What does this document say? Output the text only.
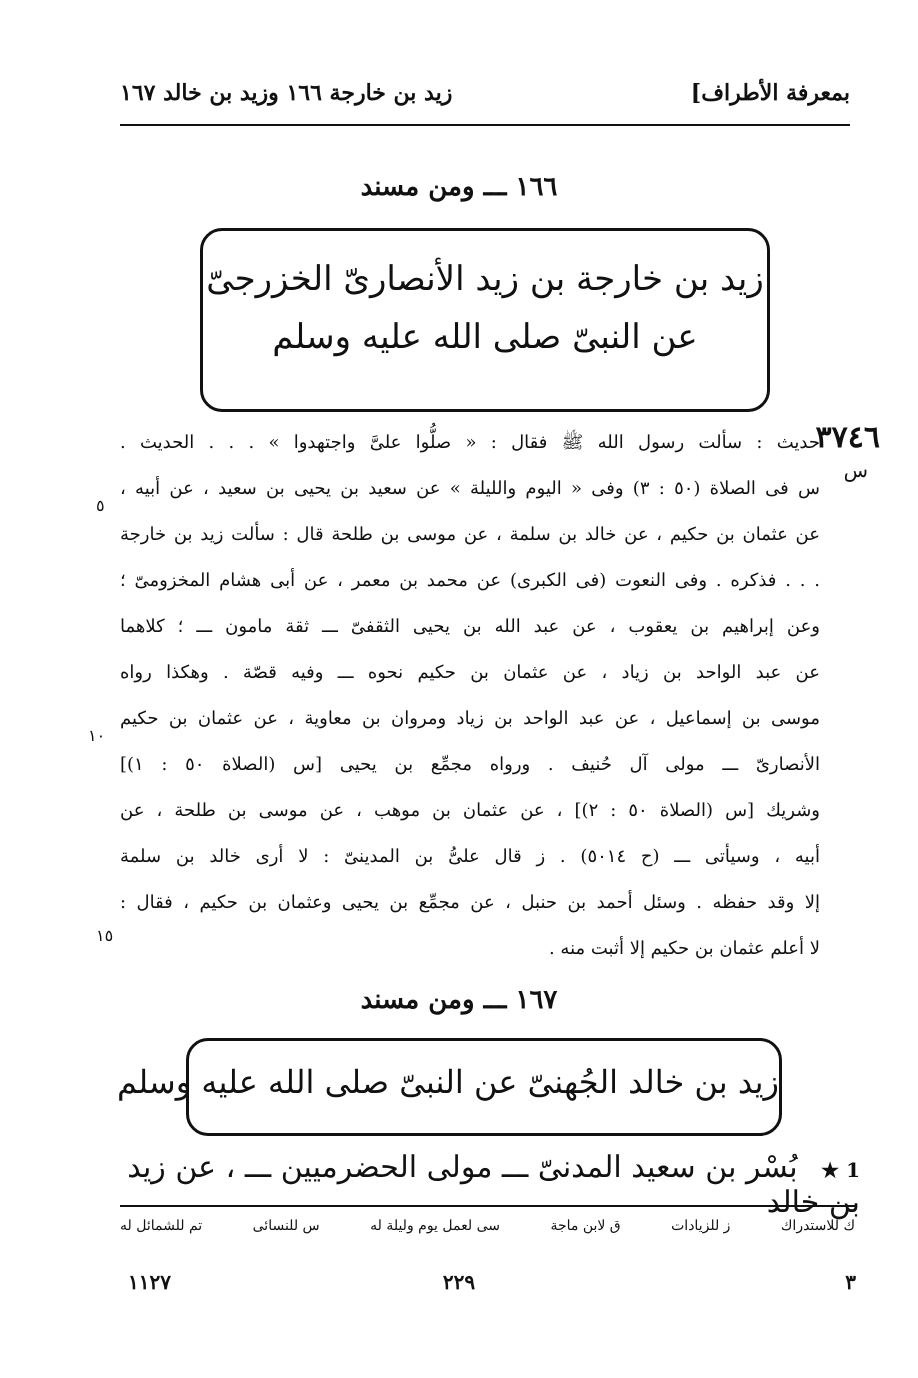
بمعرفة الأطراف]
زيد بن خارجة ١٦٦ وزيد بن خالد ١٦٧
١٦٦ ـــ ومن مسند
زيد بن خارجة بن زيد الأنصارىّ الخزرجىّ
عن النبىّ صلى الله عليه وسلم
٣٧٤٦
س
حديث : سألت رسول الله ﷺ فقال : « صلُّوا علىَّ واجتهدوا » . . . الحديث .
س فى الصلاة (٥٠ : ٣) وفى « اليوم والليلة » عن سعيد بن يحيى بن سعيد ، عن أبيه ،
عن عثمان بن حكيم ، عن خالد بن سلمة ، عن موسى بن طلحة قال : سألت زيد بن خارجة
. . . فذكره . وفى النعوت (فى الكبرى) عن محمد بن معمر ، عن أبى هشام المخزومىّ ؛
وعن إبراهيم بن يعقوب ، عن عبد الله بن يحيى الثقفىّ ـــ ثقة مامون ـــ ؛ كلاهما
عن عبد الواحد بن زياد ، عن عثمان بن حكيم نحوه ـــ وفيه قصّة . وهكذا رواه
موسى بن إسماعيل ، عن عبد الواحد بن زياد ومروان بن معاوية ، عن عثمان بن حكيم
الأنصارىّ ـــ مولى آل حُنيف . ورواه مجمِّع بن يحيى [س (الصلاة ٥٠ : ١)]
وشريك [س (الصلاة ٥٠ : ٢)] ، عن عثمان بن موهب ، عن موسى بن طلحة ، عن
أبيه ، وسيأتى ـــ (ح ٥٠١٤) . ز قال علىُّ بن المدينىّ : لا أرى خالد بن سلمة
إلا وقد حفظه . وسئل أحمد بن حنبل ، عن مجمِّع بن يحيى وعثمان بن حكيم ، فقال :
لا أعلم عثمان بن حكيم إلا أثبت منه .
٥
١٠
١٥
١٦٧ ـــ ومن مسند
زيد بن خالد الجُهنىّ عن النبىّ صلى الله عليه وسلم
1 ★ بُسْر بن سعيد المدنىّ ـــ مولى الحضرميين ـــ ، عن زيد بن خالد
تم للشمائل له	س للنسائى	سى لعمل يوم وليلة له	ق لابن ماجة	ز للزيادات	ك للاستدراك
٣
٢٢٩
١١٢٧
